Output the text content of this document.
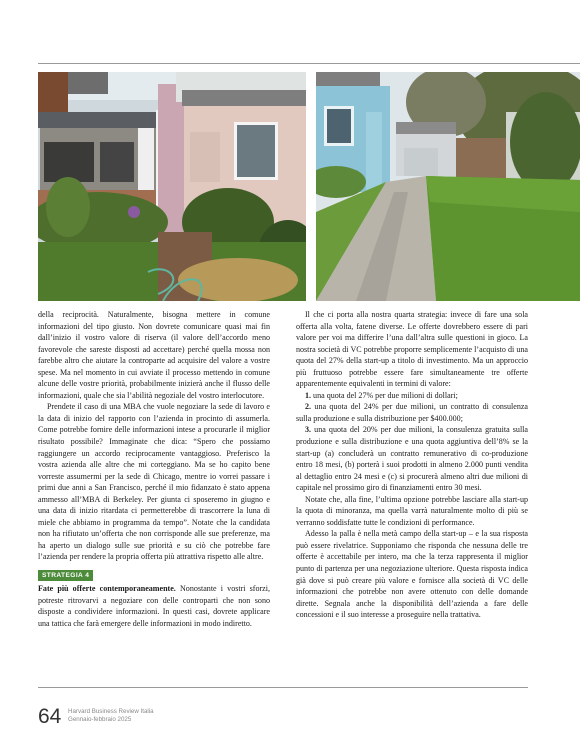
della reciprocità. Naturalmente, bisogna mettere in comune informazioni del tipo giusto. Non dovrete comunicare quasi mai fin dall’inizio il vostro valore di riserva (il valore dell’accordo meno favorevole che sareste disposti ad accettare) perché quella mossa non farebbe altro che aiutare la controparte ad acquisire del valore a vostre spese. Ma nel momento in cui avviate il processo mettendo in comune alcune delle vostre priorità, probabilmente inizierà anche il flusso delle informazioni, quale che sia l’abilità negoziale del vostro interlocutore.

Prendete il caso di una MBA che vuole negoziare la sede di lavoro e la data di inizio del rapporto con l’azienda in procinto di assumerla. Come potrebbe fornire delle informazioni intese a procurarle il miglior risultato possibile? Immaginate che dica: “Spero che possiamo raggiungere un accordo reciprocamente vantaggioso. Preferisco la vostra azienda alle altre che mi corteggiano. Ma se ho capito bene vorreste assumermi per la sede di Chicago, mentre io vorrei passare i primi due anni a San Francisco, perché il mio fidanzato è stato appena ammesso all’MBA di Berkeley. Per giunta ci sposeremo in giugno e una data di inizio ritardata ci permetterebbe di trascorrere la luna di miele che abbiamo in programma da tempo”. Notate che la candidata non ha rifiutato un’offerta che non corrisponde alle sue preferenze, ma ha aperto un dialogo sulle sue priorità e su ciò che potrebbe fare l’azienda per rendere la propria offerta più attrattiva rispetto alle altre.

STRATEGIA 4

Fate più offerte contemporaneamente. Nonostante i vostri sforzi, potreste ritrovarvi a negoziare con delle controparti che non sono disposte a condividere informazioni. In questi casi, dovrete applicare una tattica che farà emergere delle informazioni in modo indiretto.

Il che ci porta alla nostra quarta strategia: invece di fare una sola offerta alla volta, fatene diverse. Le offerte dovrebbero essere di pari valore per voi ma differire l’una dall’altra sulle questioni in gioco. La nostra società di VC potrebbe proporre semplicemente l’acquisto di una quota del 27% della start-up a titolo di investimento. Ma un approccio più fruttuoso potrebbe essere fare simultaneamente tre offerte apparentemente equivalenti in termini di valore:

1. una quota del 27% per due milioni di dollari;

2. una quota del 24% per due milioni, un contratto di consulenza sulla produzione e sulla distribuzione per $400.000;

3. una quota del 20% per due milioni, la consulenza gratuita sulla produzione e sulla distribuzione e una quota aggiuntiva dell’8% se la start-up (a) concluderà un contratto remunerativo di co-produzione entro 18 mesi, (b) porterà i suoi prodotti in almeno 2.000 punti vendita al dettaglio entro 24 mesi e (c) si procurerà almeno altri due milioni di capitale nel prossimo giro di finanziamenti entro 30 mesi.

Notate che, alla fine, l’ultima opzione potrebbe lasciare alla start-up la quota di minoranza, ma quella varrà naturalmente molto di più se verranno soddisfatte tutte le condizioni di performance.

Adesso la palla è nella metà campo della start-up – e la sua risposta può essere rivelatrice. Supponiamo che risponda che nessuna delle tre offerte è accettabile per intero, ma che la terza rappresenta il miglior punto di partenza per una negoziazione ulteriore. Questa risposta indica già dove si può creare più valore e fornisce alla società di VC delle informazioni che potrebbe non avere ottenuto con delle domande dirette. Segnala anche la disponibilità dell’azienda a fare delle concessioni e il suo interesse a proseguire nella trattativa.

64 Harvard Business Review Italia
Gennaio-febbraio 2025
